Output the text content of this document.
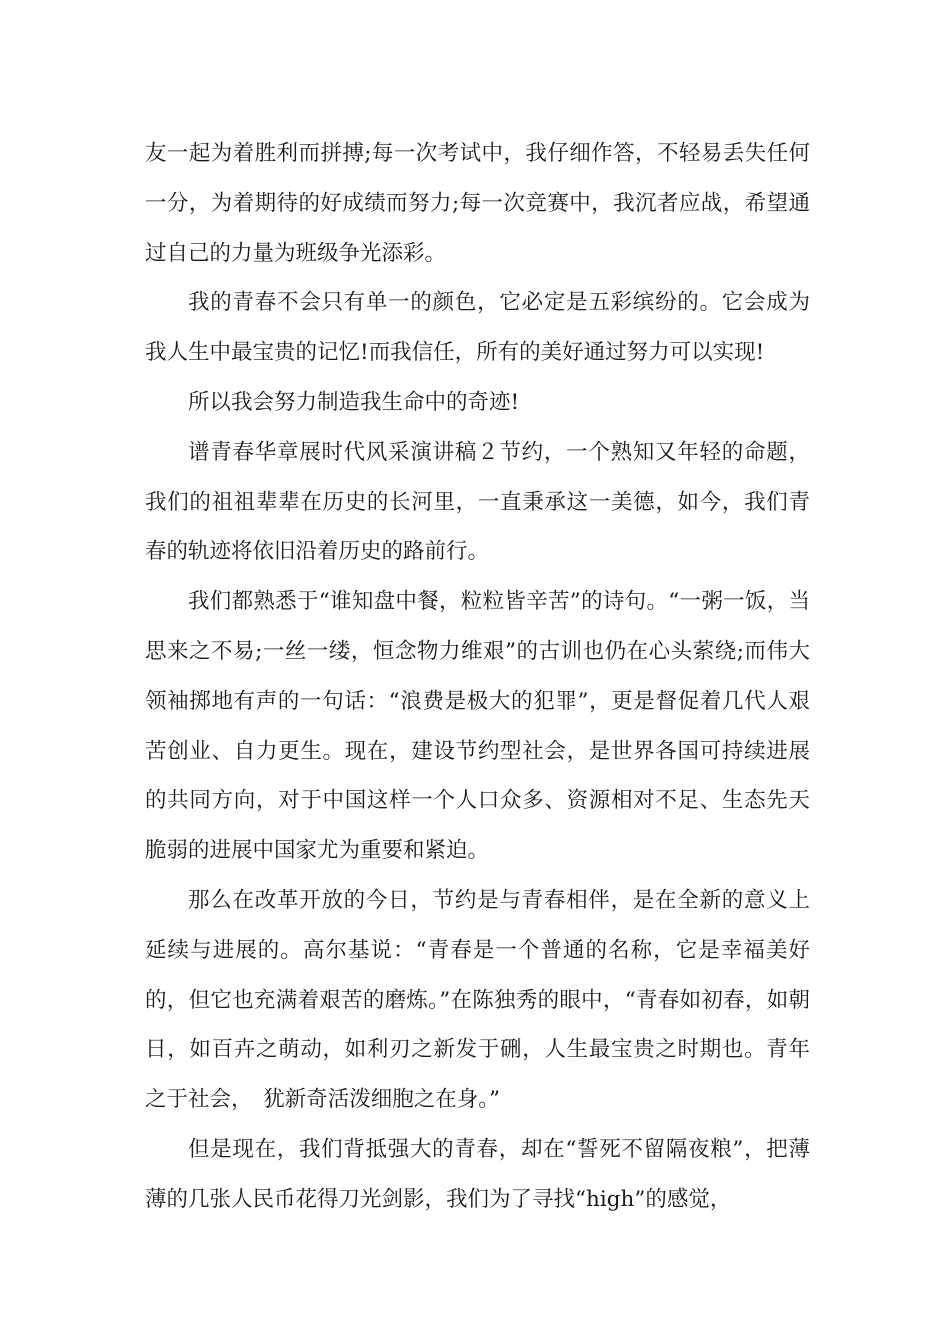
友一起为着胜利而拼搏;每一次考试中，我仔细作答，不轻易丢失任何一分，为着期待的好成绩而努力;每一次竞赛中，我沉者应战，希望通过自己的力量为班级争光添彩。

我的青春不会只有单一的颜色，它必定是五彩缤纷的。它会成为我人生中最宝贵的记忆!而我信任，所有的美好通过努力可以实现!

所以我会努力制造我生命中的奇迹!

谱青春华章展时代风采演讲稿２节约，一个熟知又年轻的命题，我们的祖祖辈辈在历史的长河里，一直秉承这一美德，如今，我们青春的轨迹将依旧沿着历史的路前行。

我们都熟悉于“谁知盘中餐，粒粒皆辛苦”的诗句。“一粥一饭，当思来之不易;一丝一缕，恒念物力维艰”的古训也仍在心头萦绕;而伟大领袖掷地有声的一句话：“浪费是极大的犯罪”，更是督促着几代人艰苦创业、自力更生。现在，建设节约型社会，是世界各国可持续进展的共同方向，对于中国这样一个人口众多、资源相对不足、生态先天脆弱的进展中国家尤为重要和紧迫。

那么在改革开放的今日，节约是与青春相伴，是在全新的意义上延续与进展的。高尔基说：“青春是一个普通的名称，它是幸福美好的，但它也充满着艰苦的磨炼。”在陈独秀的眼中，“青春如初春，如朝日，如百卉之萌动，如利刃之新发于硎，人生最宝贵之时期也。青年之于社会，　犹新奇活泼细胞之在身。”

但是现在，我们背抵强大的青春，却在“誓死不留隔夜粮”，把薄薄的几张人民币花得刀光剑影，我们为了寻找“high”的感觉，
